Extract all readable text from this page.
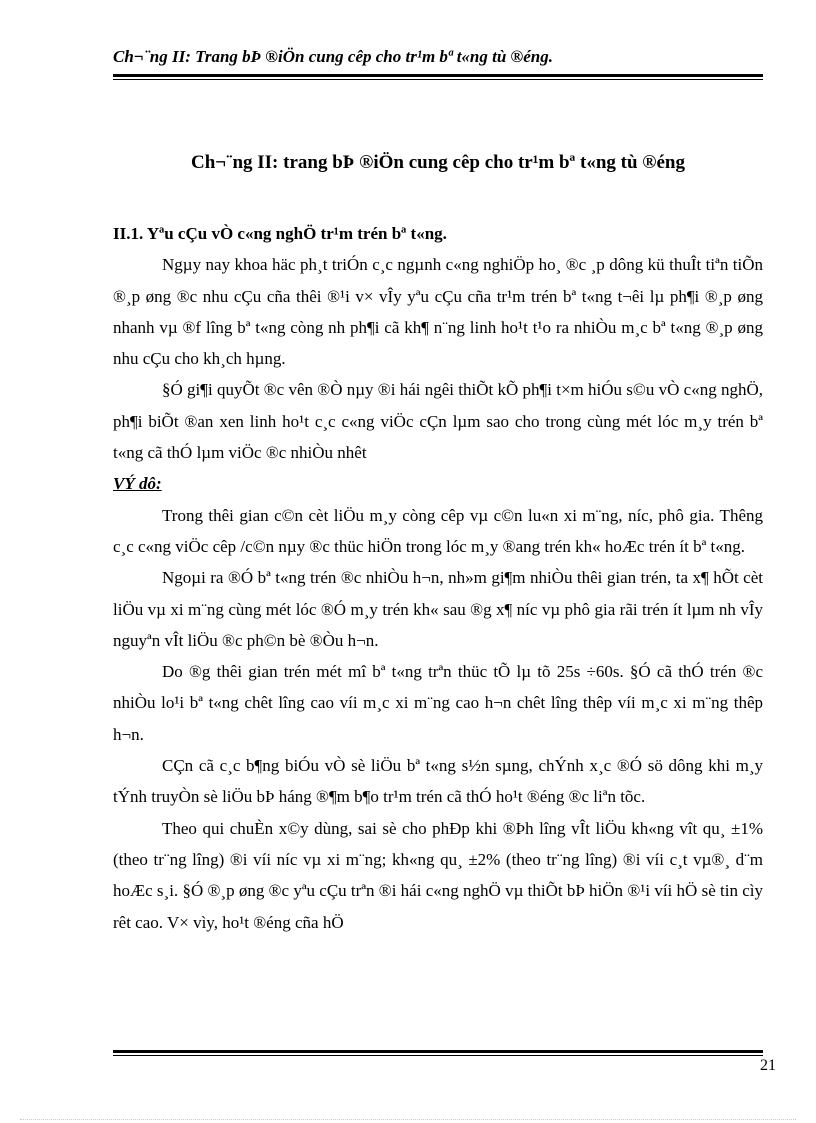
Ch¬¨ng II: Trang bÞ ®iÖn cung cêp cho tr¹m bª t«ng tù ®éng.
Ch¬¨ng II: trang bÞ ®iÖn cung cêp cho tr¹m bª t«ng tù ®éng

II.1. Yªu cÇu vÒ c«ng nghÖ tr¹m trén bª t«ng.

Ngµy nay khoa häc ph¸t triÓn c¸c ngµnh c«ng nghiÖp ho¸ ®c ¸p dông kü thuÎt tiªn tiÕn ®¸p øng ®c nhu cÇu cña thêi ®¹i v× vÎy yªu cÇu cña tr¹m trén bª t«ng t¬êi lµ ph¶i ®¸p øng nhanh vµ ®f lîng bª t«ng còng nh ph¶i cã kh¶ n¨ng linh ho¹t t¹o ra nhiÒu m¸c bª t«ng ®¸p øng nhu cÇu cho kh¸ch hµng.

§Ó gi¶i quyÕt ®c vên ®Ò nµy ®i hái ngêi thiÕt kÕ ph¶i t×m hiÓu s©u vÒ c«ng nghÖ, ph¶i biÕt ®an xen linh ho¹t c¸c c«ng viÖc cÇn lµm sao cho trong cùng mét lóc m¸y trén bª t«ng cã thÓ lµm viÖc ®c nhiÒu nhêt

VÝ dô:

Trong thêi gian c©n cèt liÖu m¸y còng cêp vµ c©n lu«n xi m¨ng, níc, phô gia. Thêng c¸c c«ng viÖc cêp /c©n nµy ®c thüc hiÖn trong lóc m¸y ®ang trén kh« hoÆc trén ít bª t«ng.

Ngoµi ra ®Ó bª t«ng trén ®c nhiÒu h¬n, nh»m gi¶m nhiÒu thêi gian trén, ta x¶ hÕt cèt liÖu vµ xi m¨ng cùng mét lóc ®Ó m¸y trén kh« sau ®g x¶ níc vµ phô gia rãi trén ít lµm nh vÎy nguyªn vÎt liÖu ®c ph©n bè ®Òu h¬n.

Do ®g thêi gian trén mét mî bª t«ng trªn thüc tÕ lµ tõ 25s ÷60s. §Ó cã thÓ trén ®c nhiÒu lo¹i bª t«ng chêt lîng cao víi m¸c xi m¨ng cao h¬n chêt lîng thêp víi m¸c xi m¨ng thêp h¬n.

CÇn cã c¸c b¶ng biÓu vÒ sè liÖu bª t«ng s½n sµng, chÝnh x¸c ®Ó sö dông khi m¸y tÝnh truyÒn sè liÖu bÞ háng ®¶m b¶o tr¹m trén cã thÓ ho¹t ®éng ®c liªn tõc.

Theo qui chuÈn x©y dùng, sai sè cho phÐp khi ®Þh lîng vÎt liÖu kh«ng vît qu¸ ±1% (theo tr¨ng lîng) ®i víi níc vµ xi m¨ng; kh«ng qu¸ ±2% (theo tr¨ng lîng) ®i víi c¸t vµ®¸ d¨m hoÆc s¸i. §Ó ®¸p øng ®c yªu cÇu trªn ®i hái c«ng nghÖ vµ thiÕt bÞ hiÖn ®¹i víi hÖ sè tin cìy rêt cao. V× vìy, ho¹t ®éng cña hÖ

21
